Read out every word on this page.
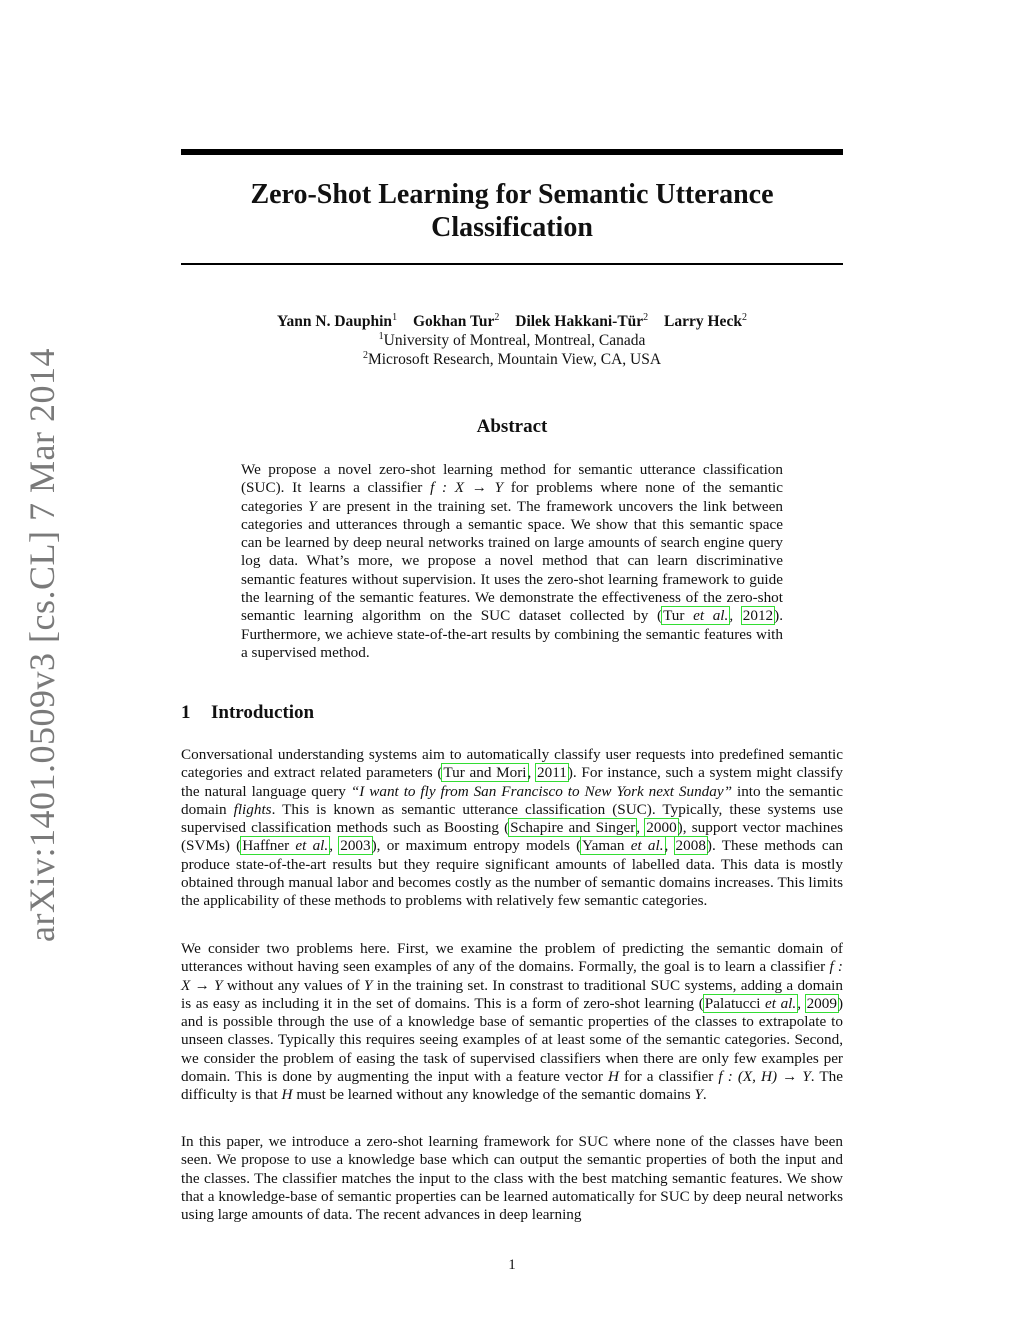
arXiv:1401.0509v3 [cs.CL] 7 Mar 2014
Zero-Shot Learning for Semantic Utterance
Classification
Yann N. Dauphin$^1$ Gokhan Tur$^2$ Dilek Hakkani-Tür$^2$ Larry Heck$^2$
$^1$University of Montreal, Montreal, Canada
$^2$Microsoft Research, Mountain View, CA, USA
Abstract
We propose a novel zero-shot learning method for semantic utterance classification (SUC). It learns a classifier f : X → Y for problems where none of the semantic categories Y are present in the training set. The framework uncovers the link between categories and utterances through a semantic space. We show that this semantic space can be learned by deep neural networks trained on large amounts of search engine query log data. What’s more, we propose a novel method that can learn discriminative semantic features without supervision. It uses the zero-shot learning framework to guide the learning of the semantic features. We demonstrate the effectiveness of the zero-shot semantic learning algorithm on the SUC dataset collected by (Tur et al., 2012). Furthermore, we achieve state-of-the-art results by combining the semantic features with a supervised method.
1 Introduction
Conversational understanding systems aim to automatically classify user requests into predefined semantic categories and extract related parameters (Tur and Mori, 2011). For instance, such a system might classify the natural language query “I want to fly from San Francisco to New York next Sunday” into the semantic domain flights. This is known as semantic utterance classification (SUC). Typically, these systems use supervised classification methods such as Boosting (Schapire and Singer, 2000), support vector machines (SVMs) (Haffner et al., 2003), or maximum entropy models (Yaman et al., 2008). These methods can produce state-of-the-art results but they require significant amounts of labelled data. This data is mostly obtained through manual labor and becomes costly as the number of semantic domains increases. This limits the applicability of these methods to problems with relatively few semantic categories.
We consider two problems here. First, we examine the problem of predicting the semantic domain of utterances without having seen examples of any of the domains. Formally, the goal is to learn a classifier f : X → Y without any values of Y in the training set. In constrast to traditional SUC systems, adding a domain is as easy as including it in the set of domains. This is a form of zero-shot learning (Palatucci et al., 2009) and is possible through the use of a knowledge base of semantic properties of the classes to extrapolate to unseen classes. Typically this requires seeing examples of at least some of the semantic categories. Second, we consider the problem of easing the task of supervised classifiers when there are only few examples per domain. This is done by augmenting the input with a feature vector H for a classifier f : (X, H) → Y. The difficulty is that H must be learned without any knowledge of the semantic domains Y.
In this paper, we introduce a zero-shot learning framework for SUC where none of the classes have been seen. We propose to use a knowledge base which can output the semantic properties of both the input and the classes. The classifier matches the input to the class with the best matching semantic features. We show that a knowledge-base of semantic properties can be learned automatically for SUC by deep neural networks using large amounts of data. The recent advances in deep learning
1
